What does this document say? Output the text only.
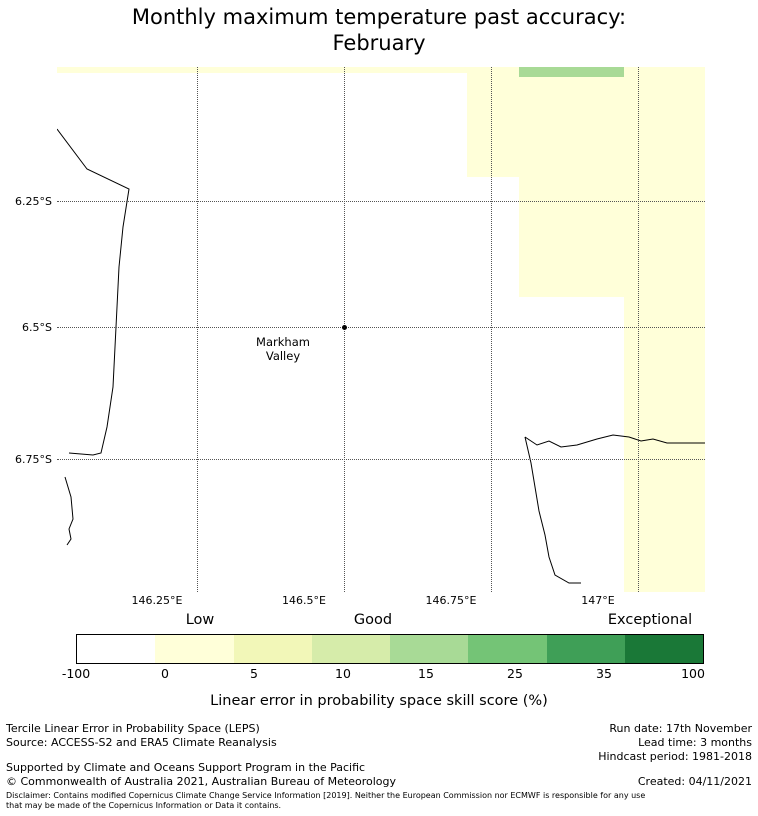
Monthly maximum temperature past accuracy:
February
Markham
Valley
6.25°S
6.5°S
6.75°S
146.25°E	146.5°E	146.75°E	147°E
Low	Good	Exceptional
-100	0	5	10	15	25	35	100
Linear error in probability space skill score (%)
Tercile Linear Error in Probability Space (LEPS)
Source: ACCESS-S2 and ERA5 Climate Reanalysis
Supported by Climate and Oceans Support Program in the Pacific
© Commonwealth of Australia 2021, Australian Bureau of Meteorology
Run date: 17th November
Lead time: 3 months
Hindcast period: 1981-2018
Created: 04/11/2021
Disclaimer: Contains modified Copernicus Climate Change Service Information [2019]. Neither the European Commission nor ECMWF is responsible for any use
that may be made of the Copernicus Information or Data it contains.
